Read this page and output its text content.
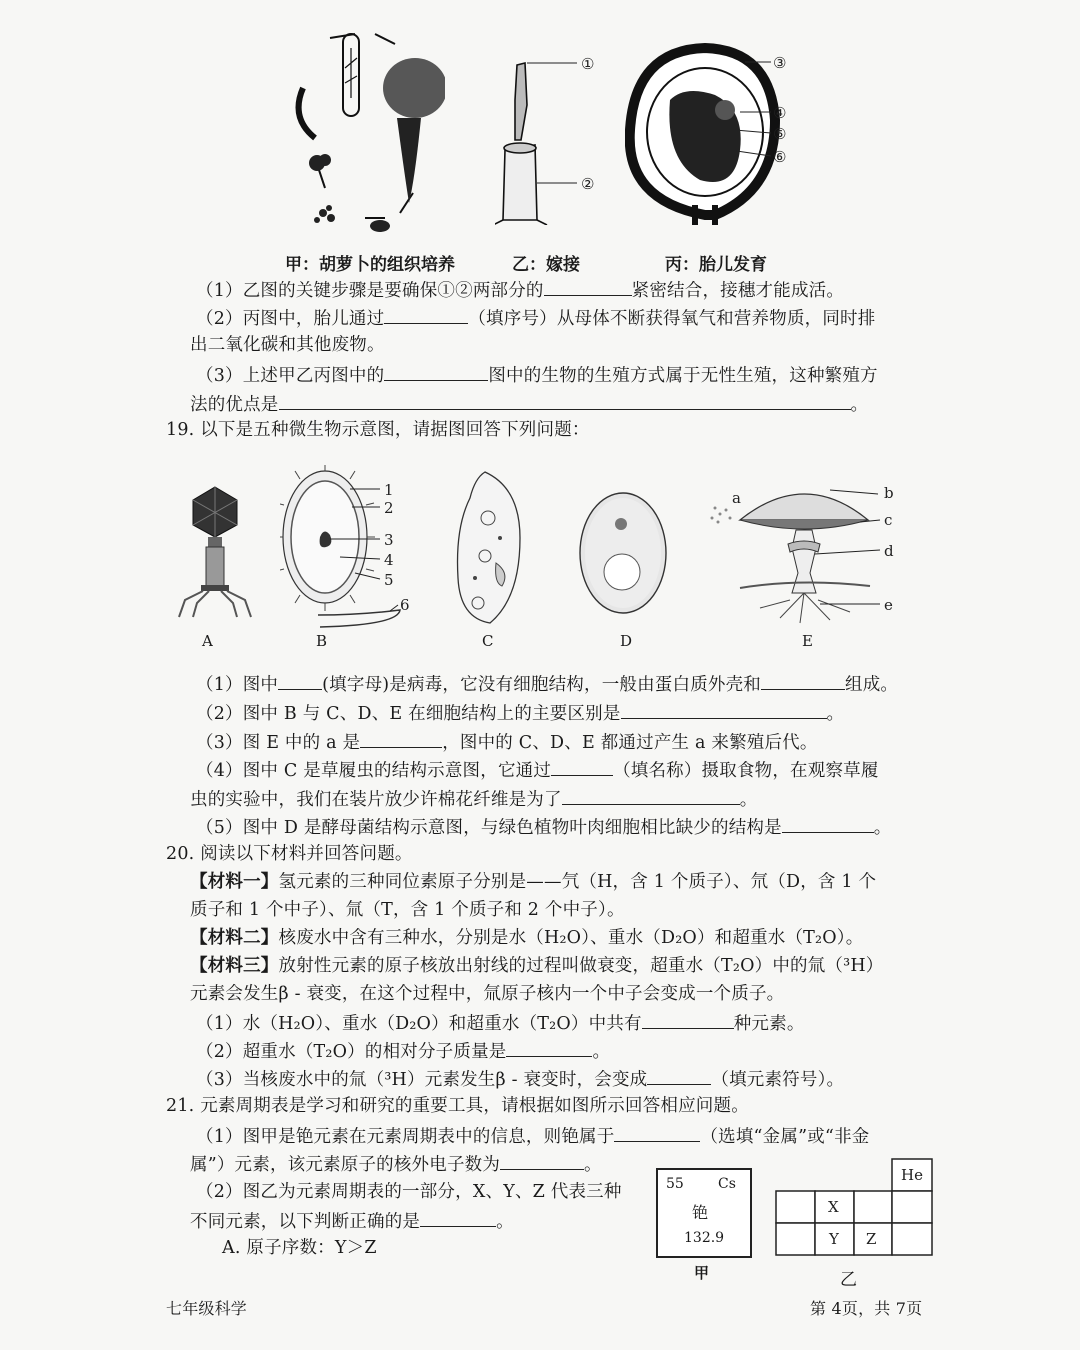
①
②
③
④
⑤
⑥
甲：胡萝卜的组织培养	乙：嫁接	丙：胎儿发育
（1）乙图的关键步骤是要确保①②两部分的	紧密结合，接穗才能成活。
（2）丙图中，胎儿通过	（填序号）从母体不断获得氧气和营养物质，同时排
出二氧化碳和其他废物。
（3）上述甲乙丙图中的	图中的生物的生殖方式属于无性生殖，这种繁殖方
法的优点是	。
19. 以下是五种微生物示意图，请据图回答下列问题：
A
1
2
3
4
5
6
B	C	D
a	b
c
d
e
E
（1）图中	(填字母)是病毒，它没有细胞结构，一般由蛋白质外壳和	组成。
（2）图中 B 与 C、D、E 在细胞结构上的主要区别是	。
（3）图 E 中的 a 是	，图中的 C、D、E 都通过产生 a 来繁殖后代。
（4）图中 C 是草履虫的结构示意图，它通过	（填名称）摄取食物，在观察草履
虫的实验中，我们在装片放少许棉花纤维是为了	。
（5）图中 D 是酵母菌结构示意图，与绿色植物叶肉细胞相比缺少的结构是	。
20. 阅读以下材料并回答问题。
【材料一】氢元素的三种同位素原子分别是——氕（H，含 1 个质子）、氘（D，含 1 个
质子和 1 个中子）、氚（T，含 1 个质子和 2 个中子）。
【材料二】核废水中含有三种水，分别是水（H₂O）、重水（D₂O）和超重水（T₂O）。
【材料三】放射性元素的原子核放出射线的过程叫做衰变，超重水（T₂O）中的氚（³H）
元素会发生β - 衰变，在这个过程中，氚原子核内一个中子会变成一个质子。
（1）水（H₂O）、重水（D₂O）和超重水（T₂O）中共有	种元素。
（2）超重水（T₂O）的相对分子质量是	。
（3）当核废水中的氚（³H）元素发生β - 衰变时，会变成	（填元素符号）。
21. 元素周期表是学习和研究的重要工具，请根据如图所示回答相应问题。
（1）图甲是铯元素在元素周期表中的信息，则铯属于	（选填“金属”或“非金
属”）元素，该元素原子的核外电子数为	。
（2）图乙为元素周期表的一部分，X、Y、Z 代表三种
不同元素，以下判断正确的是	。
A. 原子序数：Y＞Z
55 Cs
铯
132.9
甲
He
X
Y Z
乙
七年级科学	第 4页，共 7页
